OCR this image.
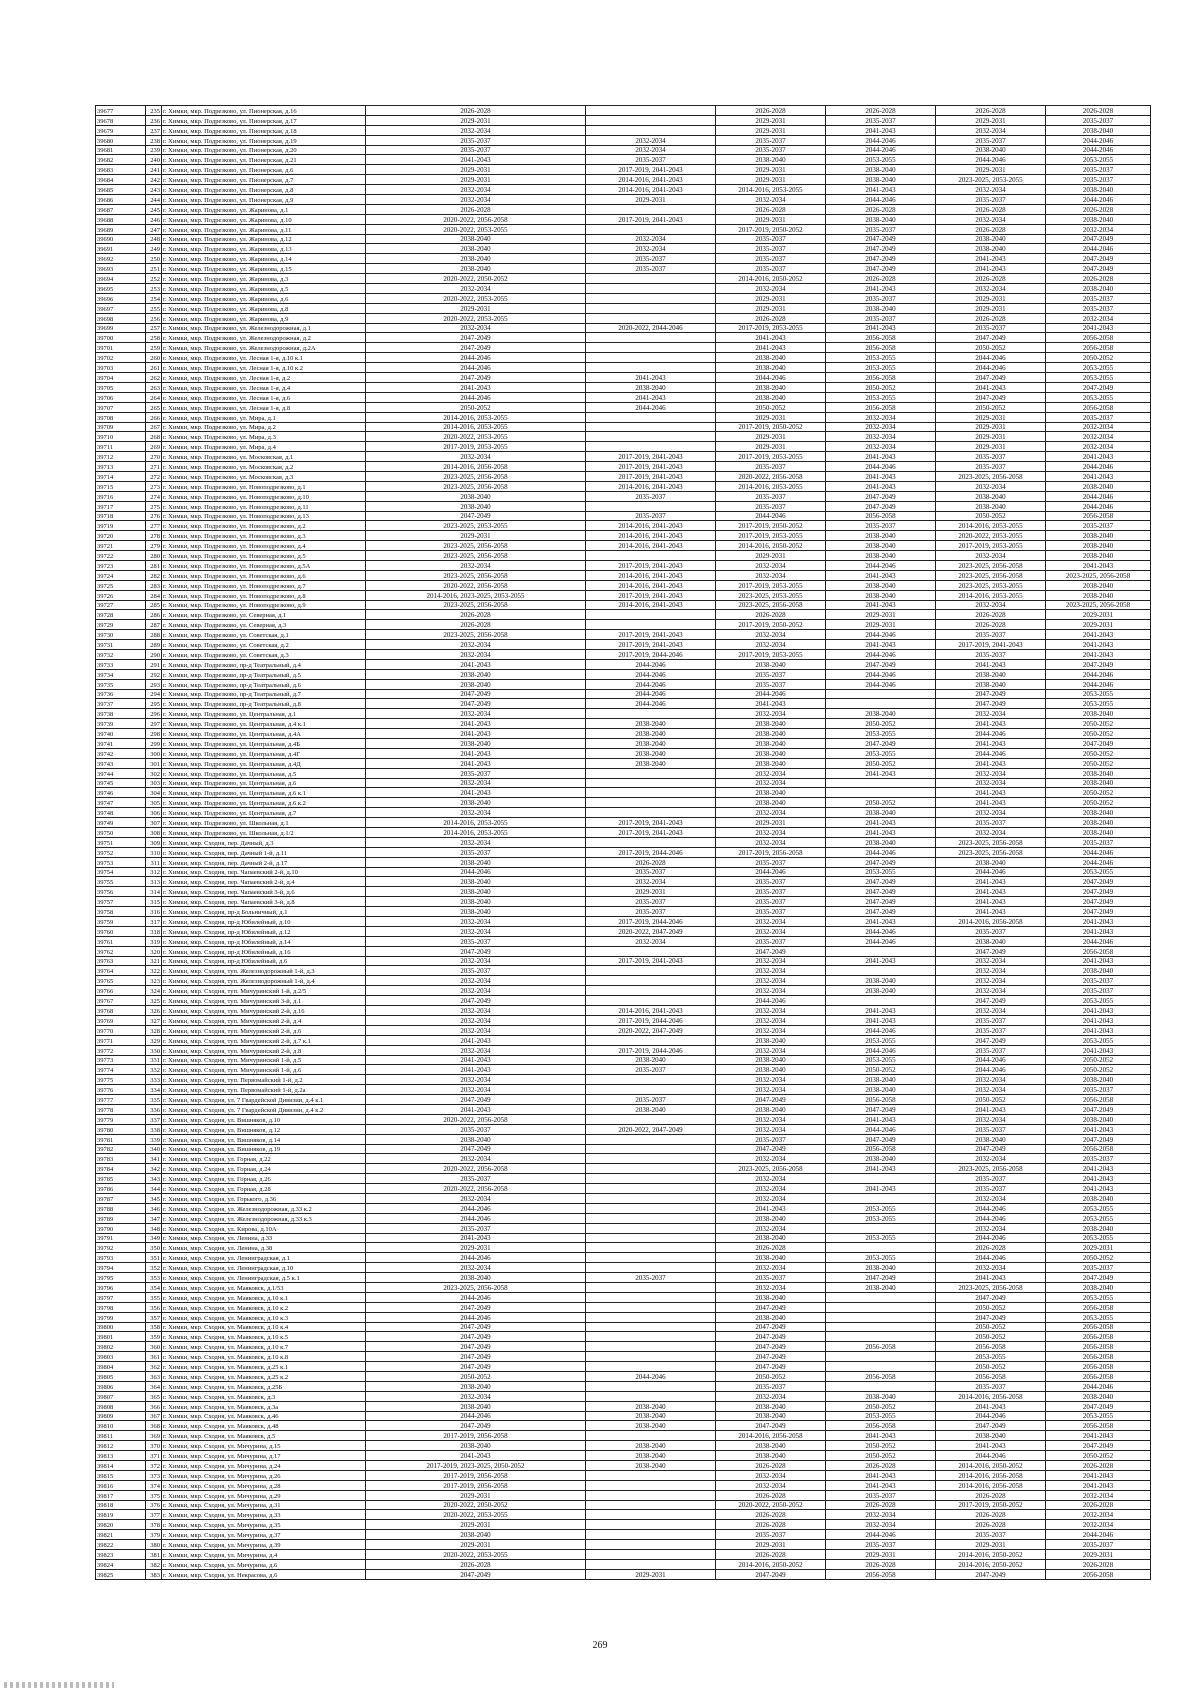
39677	235	г. Химки, мкр. Подрезково, ул. Пионерская, д.16	2026-2028		2026-2028	2026-2028	2026-2028	2026-2028
39678	236	г. Химки, мкр. Подрезково, ул. Пионерская, д.17	2029-2031		2029-2031	2035-2037	2029-2031	2035-2037
39679	237	г. Химки, мкр. Подрезково, ул. Пионерская, д.18	2032-2034		2029-2031	2041-2043	2032-2034	2038-2040
39680	238	г. Химки, мкр. Подрезково, ул. Пионерская, д.19	2035-2037	2032-2034	2035-2037	2044-2046	2035-2037	2044-2046
39681	239	г. Химки, мкр. Подрезково, ул. Пионерская, д.20	2035-2037	2032-2034	2035-2037	2044-2046	2038-2040	2044-2046
39682	240	г. Химки, мкр. Подрезково, ул. Пионерская, д.21	2041-2043	2035-2037	2038-2040	2053-2055	2044-2046	2053-2055
39683	241	г. Химки, мкр. Подрезково, ул. Пионерская, д.6	2029-2031	2017-2019, 2041-2043	2029-2031	2038-2040	2029-2031	2035-2037
39684	242	г. Химки, мкр. Подрезково, ул. Пионерская, д.7	2029-2031	2014-2016, 2041-2043	2029-2031	2038-2040	2023-2025, 2053-2055	2035-2037
39685	243	г. Химки, мкр. Подрезково, ул. Пионерская, д.8	2032-2034	2014-2016, 2041-2043	2014-2016, 2053-2055	2041-2043	2032-2034	2038-2040
39686	244	г. Химки, мкр. Подрезково, ул. Пионерская, д.9	2032-2034	2029-2031	2032-2034	2044-2046	2035-2037	2044-2046
39687	245	г. Химки, мкр. Подрезково, ул. Жаринова, д.1	2026-2028		2026-2028	2026-2028	2026-2028	2026-2028
39688	246	г. Химки, мкр. Подрезково, ул. Жаринова, д.10	2020-2022, 2056-2058	2017-2019, 2041-2043	2029-2031	2038-2040	2032-2034	2038-2040
39689	247	г. Химки, мкр. Подрезково, ул. Жаринова, д.11	2020-2022, 2053-2055		2017-2019, 2050-2052	2035-2037	2026-2028	2032-2034
39690	248	г. Химки, мкр. Подрезково, ул. Жаринова, д.12	2038-2040	2032-2034	2035-2037	2047-2049	2038-2040	2047-2049
39691	249	г. Химки, мкр. Подрезково, ул. Жаринова, д.13	2038-2040	2032-2034	2035-2037	2047-2049	2038-2040	2044-2046
39692	250	г. Химки, мкр. Подрезково, ул. Жаринова, д.14	2038-2040	2035-2037	2035-2037	2047-2049	2041-2043	2047-2049
39693	251	г. Химки, мкр. Подрезково, ул. Жаринова, д.15	2038-2040	2035-2037	2035-2037	2047-2049	2041-2043	2047-2049
39694	252	г. Химки, мкр. Подрезково, ул. Жаринова, д.3	2020-2022, 2050-2052		2014-2016, 2050-2052	2026-2028	2026-2028	2026-2028
39695	253	г. Химки, мкр. Подрезково, ул. Жаринова, д.5	2032-2034		2032-2034	2041-2043	2032-2034	2038-2040
39696	254	г. Химки, мкр. Подрезково, ул. Жаринова, д.6	2020-2022, 2053-2055		2029-2031	2035-2037	2029-2031	2035-2037
39697	255	г. Химки, мкр. Подрезково, ул. Жаринова, д.8	2029-2031		2029-2031	2038-2040	2029-2031	2035-2037
39698	256	г. Химки, мкр. Подрезково, ул. Жаринова, д.9	2020-2022, 2053-2055		2026-2028	2035-2037	2026-2028	2032-2034
39699	257	г. Химки, мкр. Подрезково, ул. Железнодорожная, д.1	2032-2034	2020-2022, 2044-2046	2017-2019, 2053-2055	2041-2043	2035-2037	2041-2043
39700	258	г. Химки, мкр. Подрезково, ул. Железнодорожная, д.2	2047-2049		2041-2043	2056-2058	2047-2049	2056-2058
39701	259	г. Химки, мкр. Подрезково, ул. Железнодорожная, д.2А	2047-2049		2041-2043	2056-2058	2050-2052	2056-2058
39702	260	г. Химки, мкр. Подрезково, ул. Лесная 1-я, д.10 к.1	2044-2046		2038-2040	2053-2055	2044-2046	2050-2052
39703	261	г. Химки, мкр. Подрезково, ул. Лесная 1-я, д.10 к.2	2044-2046		2038-2040	2053-2055	2044-2046	2053-2055
39704	262	г. Химки, мкр. Подрезково, ул. Лесная 1-я, д.2	2047-2049	2041-2043	2044-2046	2056-2058	2047-2049	2053-2055
39705	263	г. Химки, мкр. Подрезково, ул. Лесная 1-я, д.4	2041-2043	2038-2040	2038-2040	2050-2052	2041-2043	2047-2049
39706	264	г. Химки, мкр. Подрезково, ул. Лесная 1-я, д.6	2044-2046	2041-2043	2038-2040	2053-2055	2047-2049	2053-2055
39707	265	г. Химки, мкр. Подрезково, ул. Лесная 1-я, д.8	2050-2052	2044-2046	2050-2052	2056-2058	2050-2052	2056-2058
39708	266	г. Химки, мкр. Подрезково, ул. Мира, д.1	2014-2016, 2053-2055		2029-2031	2032-2034	2029-2031	2035-2037
39709	267	г. Химки, мкр. Подрезково, ул. Мира, д.2	2014-2016, 2053-2055		2017-2019, 2050-2052	2032-2034	2029-2031	2032-2034
39710	268	г. Химки, мкр. Подрезково, ул. Мира, д.3	2020-2022, 2053-2055		2029-2031	2032-2034	2029-2031	2032-2034
39711	269	г. Химки, мкр. Подрезково, ул. Мира, д.4	2017-2019, 2053-2055		2029-2031	2032-2034	2029-2031	2032-2034
39712	270	г. Химки, мкр. Подрезково, ул. Московская, д.1	2032-2034	2017-2019, 2041-2043	2017-2019, 2053-2055	2041-2043	2035-2037	2041-2043
39713	271	г. Химки, мкр. Подрезково, ул. Московская, д.2	2014-2016, 2056-2058	2017-2019, 2041-2043	2035-2037	2044-2046	2035-2037	2044-2046
39714	272	г. Химки, мкр. Подрезково, ул. Московская, д.3	2023-2025, 2056-2058	2017-2019, 2041-2043	2020-2022, 2056-2058	2041-2043	2023-2025, 2056-2058	2041-2043
39715	273	г. Химки, мкр. Подрезково, ул. Новоподрезково, д.1	2023-2025, 2056-2058	2014-2016, 2041-2043	2014-2016, 2053-2055	2041-2043	2032-2034	2038-2040
39716	274	г. Химки, мкр. Подрезково, ул. Новоподрезково, д.10	2038-2040	2035-2037	2035-2037	2047-2049	2038-2040	2044-2046
39717	275	г. Химки, мкр. Подрезково, ул. Новоподрезково, д.11	2038-2040		2035-2037	2047-2049	2038-2040	2044-2046
39718	276	г. Химки, мкр. Подрезково, ул. Новоподрезково, д.13	2047-2049	2035-2037	2044-2046	2056-2058	2050-2052	2056-2058
39719	277	г. Химки, мкр. Подрезково, ул. Новоподрезково, д.2	2023-2025, 2053-2055	2014-2016, 2041-2043	2017-2019, 2050-2052	2035-2037	2014-2016, 2053-2055	2035-2037
39720	278	г. Химки, мкр. Подрезково, ул. Новоподрезково, д.3	2029-2031	2014-2016, 2041-2043	2017-2019, 2053-2055	2038-2040	2020-2022, 2053-2055	2038-2040
39721	279	г. Химки, мкр. Подрезково, ул. Новоподрезково, д.4	2023-2025, 2056-2058	2014-2016, 2041-2043	2014-2016, 2050-2052	2038-2040	2017-2019, 2053-2055	2038-2040
39722	280	г. Химки, мкр. Подрезково, ул. Новоподрезково, д.5	2023-2025, 2056-2058		2029-2031	2038-2040	2032-2034	2038-2040
39723	281	г. Химки, мкр. Подрезково, ул. Новоподрезково, д.5А	2032-2034	2017-2019, 2041-2043	2032-2034	2044-2046	2023-2025, 2056-2058	2041-2043
39724	282	г. Химки, мкр. Подрезково, ул. Новоподрезково, д.6	2023-2025, 2056-2058	2014-2016, 2041-2043	2032-2034	2041-2043	2023-2025, 2056-2058	2023-2025, 2056-2058
39725	283	г. Химки, мкр. Подрезково, ул. Новоподрезково, д.7	2020-2022, 2056-2058	2014-2016, 2041-2043	2017-2019, 2053-2055	2038-2040	2023-2025, 2053-2055	2038-2040
39726	284	г. Химки, мкр. Подрезково, ул. Новоподрезково, д.8	2014-2016, 2023-2025, 2053-2055	2017-2019, 2041-2043	2023-2025, 2053-2055	2038-2040	2014-2016, 2053-2055	2038-2040
39727	285	г. Химки, мкр. Подрезково, ул. Новоподрезково, д.9	2023-2025, 2056-2058	2014-2016, 2041-2043	2023-2025, 2056-2058	2041-2043	2032-2034	2023-2025, 2056-2058
39728	286	г. Химки, мкр. Подрезково, ул. Северная, д.1	2026-2028		2026-2028	2029-2031	2026-2028	2029-2031
39729	287	г. Химки, мкр. Подрезково, ул. Северная, д.3	2026-2028		2017-2019, 2050-2052	2029-2031	2026-2028	2029-2031
39730	288	г. Химки, мкр. Подрезково, ул. Советская, д.1	2023-2025, 2056-2058	2017-2019, 2041-2043	2032-2034	2044-2046	2035-2037	2041-2043
39731	289	г. Химки, мкр. Подрезково, ул. Советская, д.2	2032-2034	2017-2019, 2041-2043	2032-2034	2041-2043	2017-2019, 2041-2043	2041-2043
39732	290	г. Химки, мкр. Подрезково, ул. Советская, д.3	2032-2034	2017-2019, 2044-2046	2017-2019, 2053-2055	2044-2046	2035-2037	2041-2043
39733	291	г. Химки, мкр. Подрезково, пр-д Театральный, д.4	2041-2043	2044-2046	2038-2040	2047-2049	2041-2043	2047-2049
39734	292	г. Химки, мкр. Подрезково, пр-д Театральный, д.5	2038-2040	2044-2046	2035-2037	2044-2046	2038-2040	2044-2046
39735	293	г. Химки, мкр. Подрезково, пр-д Театральный, д.6	2038-2040	2044-2046	2035-2037	2044-2046	2038-2040	2044-2046
39736	294	г. Химки, мкр. Подрезково, пр-д Театральный, д.7	2047-2049	2044-2046	2044-2046		2047-2049	2053-2055
39737	295	г. Химки, мкр. Подрезково, пр-д Театральный, д.8	2047-2049	2044-2046	2041-2043		2047-2049	2053-2055
39738	296	г. Химки, мкр. Подрезково, ул. Центральная, д.1	2032-2034		2032-2034	2038-2040	2032-2034	2038-2040
39739	297	г. Химки, мкр. Подрезково, ул. Центральная, д.4 к.1	2041-2043	2038-2040	2038-2040	2050-2052	2041-2043	2050-2052
39740	298	г. Химки, мкр. Подрезково, ул. Центральная, д.4А	2041-2043	2038-2040	2038-2040	2053-2055	2044-2046	2050-2052
39741	299	г. Химки, мкр. Подрезково, ул. Центральная, д.4Б	2038-2040	2038-2040	2038-2040	2047-2049	2041-2043	2047-2049
39742	300	г. Химки, мкр. Подрезково, ул. Центральная, д.4Г	2041-2043	2038-2040	2038-2040	2053-2055	2044-2046	2050-2052
39743	301	г. Химки, мкр. Подрезково, ул. Центральная, д.4Д	2041-2043	2038-2040	2038-2040	2050-2052	2041-2043	2050-2052
39744	302	г. Химки, мкр. Подрезково, ул. Центральная, д.5	2035-2037		2032-2034	2041-2043	2032-2034	2038-2040
39745	303	г. Химки, мкр. Подрезково, ул. Центральная, д.6	2032-2034		2032-2034		2032-2034	2038-2040
39746	304	г. Химки, мкр. Подрезково, ул. Центральная, д.6 к.1	2041-2043		2038-2040		2041-2043	2050-2052
39747	305	г. Химки, мкр. Подрезково, ул. Центральная, д.6 к.2	2038-2040		2038-2040	2050-2052	2041-2043	2050-2052
39748	306	г. Химки, мкр. Подрезково, ул. Центральная, д.7	2032-2034		2032-2034	2038-2040	2032-2034	2038-2040
39749	307	г. Химки, мкр. Подрезково, ул. Школьная, д.1	2014-2016, 2053-2055	2017-2019, 2041-2043	2029-2031	2041-2043	2035-2037	2038-2040
39750	308	г. Химки, мкр. Подрезково, ул. Школьная, д.1/2	2014-2016, 2053-2055	2017-2019, 2041-2043	2032-2034	2041-2043	2032-2034	2038-2040
39751	309	г. Химки, мкр. Сходня, пер. Дачный, д.3	2032-2034		2032-2034	2038-2040	2023-2025, 2056-2058	2035-2037
39752	310	г. Химки, мкр. Сходня, пер. Дачный 1-й, д.11	2035-2037	2017-2019, 2044-2046	2017-2019, 2056-2058	2044-2046	2023-2025, 2056-2058	2044-2046
39753	311	г. Химки, мкр. Сходня, пер. Дачный 2-й, д.17	2038-2040	2026-2028	2035-2037	2047-2049	2038-2040	2044-2046
39754	312	г. Химки, мкр. Сходня, пер. Чапаевский 2-й, д.10	2044-2046	2035-2037	2044-2046	2053-2055	2044-2046	2053-2055
39755	313	г. Химки, мкр. Сходня, пер. Чапаевский 2-й, д.4	2038-2040	2032-2034	2035-2037	2047-2049	2041-2043	2047-2049
39756	314	г. Химки, мкр. Сходня, пер. Чапаевский 3-й, д.6	2038-2040	2029-2031	2035-2037	2047-2049	2041-2043	2047-2049
39757	315	г. Химки, мкр. Сходня, пер. Чапаевский 3-й, д.8	2038-2040	2035-2037	2035-2037	2047-2049	2041-2043	2047-2049
39758	316	г. Химки, мкр. Сходня, пр-д Больничный, д.1	2038-2040	2035-2037	2035-2037	2047-2049	2041-2043	2047-2049
39759	317	г. Химки, мкр. Сходня, пр-д Юбилейный, д.10	2032-2034	2017-2019, 2044-2046	2032-2034	2041-2043	2014-2016, 2056-2058	2041-2043
39760	318	г. Химки, мкр. Сходня, пр-д Юбилейный, д.12	2032-2034	2020-2022, 2047-2049	2032-2034	2044-2046	2035-2037	2041-2043
39761	319	г. Химки, мкр. Сходня, пр-д Юбилейный, д.14	2035-2037	2032-2034	2035-2037	2044-2046	2038-2040	2044-2046
39762	320	г. Химки, мкр. Сходня, пр-д Юбилейный, д.16	2047-2049		2047-2049		2047-2049	2056-2058
39763	321	г. Химки, мкр. Сходня, пр-д Юбилейный, д.6	2032-2034	2017-2019, 2041-2043	2032-2034	2041-2043	2032-2034	2041-2043
39764	322	г. Химки, мкр. Сходня, туп. Железнодорожный 1-й, д.3	2035-2037		2032-2034		2032-2034	2038-2040
39765	323	г. Химки, мкр. Сходня, туп. Железнодорожный 1-й, д.4	2032-2034		2032-2034	2038-2040	2032-2034	2035-2037
39766	324	г. Химки, мкр. Сходня, туп. Мичуринский 1-й, д.2/5	2032-2034		2032-2034	2038-2040	2032-2034	2035-2037
39767	325	г. Химки, мкр. Сходня, туп. Мичуринский 3-й, д.1	2047-2049		2044-2046		2047-2049	2053-2055
39768	326	г. Химки, мкр. Сходня, туп. Мичуринский 2-й, д.16	2032-2034	2014-2016, 2041-2043	2032-2034	2041-2043	2032-2034	2041-2043
39769	327	г. Химки, мкр. Сходня, туп. Мичуринский 2-й, д.4	2032-2034	2017-2019, 2044-2046	2032-2034	2041-2043	2035-2037	2041-2043
39770	328	г. Химки, мкр. Сходня, туп. Мичуринский 2-й, д.6	2032-2034	2020-2022, 2047-2049	2032-2034	2044-2046	2035-2037	2041-2043
39771	329	г. Химки, мкр. Сходня, туп. Мичуринский 2-й, д.7 к.1	2041-2043		2038-2040	2053-2055	2047-2049	2053-2055
39772	330	г. Химки, мкр. Сходня, туп. Мичуринский 2-й, д.8	2032-2034	2017-2019, 2044-2046	2032-2034	2044-2046	2035-2037	2041-2043
39773	331	г. Химки, мкр. Сходня, туп. Мичуринский 1-й, д.5	2041-2043	2038-2040	2038-2040	2053-2055	2044-2046	2050-2052
39774	332	г. Химки, мкр. Сходня, туп. Мичуринский 1-й, д.6	2041-2043	2035-2037	2038-2040	2050-2052	2044-2046	2050-2052
39775	333	г. Химки, мкр. Сходня, туп. Первомайский 1-й, д.2	2032-2034		2032-2034	2038-2040	2032-2034	2038-2040
39776	334	г. Химки, мкр. Сходня, туп. Первомайский 1-й, д.2а	2032-2034		2032-2034	2038-2040	2032-2034	2035-2037
39777	335	г. Химки, мкр. Сходня, ул. 7 Гвардейской Дивизии, д.4 к.1	2047-2049	2035-2037	2047-2049	2056-2058	2050-2052	2056-2058
39778	336	г. Химки, мкр. Сходня, ул. 7 Гвардейской Дивизии, д.4 к.2	2041-2043	2038-2040	2038-2040	2047-2049	2041-2043	2047-2049
39779	337	г. Химки, мкр. Сходня, ул. Вишняков, д.10	2020-2022, 2056-2058		2032-2034	2041-2043	2032-2034	2038-2040
39780	338	г. Химки, мкр. Сходня, ул. Вишняков, д.12	2035-2037	2020-2022, 2047-2049	2032-2034	2044-2046	2035-2037	2041-2043
39781	339	г. Химки, мкр. Сходня, ул. Вишняков, д.14	2038-2040		2035-2037	2047-2049	2038-2040	2047-2049
39782	340	г. Химки, мкр. Сходня, ул. Вишняков, д.19	2047-2049		2047-2049	2056-2058	2047-2049	2056-2058
39783	341	г. Химки, мкр. Сходня, ул. Горная, д.22	2032-2034		2032-2034	2038-2040	2032-2034	2035-2037
39784	342	г. Химки, мкр. Сходня, ул. Горная, д.24	2020-2022, 2056-2058		2023-2025, 2056-2058	2041-2043	2023-2025, 2056-2058	2041-2043
39785	343	г. Химки, мкр. Сходня, ул. Горная, д.26	2035-2037		2032-2034		2035-2037	2041-2043
39786	344	г. Химки, мкр. Сходня, ул. Горная, д.28	2020-2022, 2056-2058		2032-2034	2041-2043	2035-2037	2041-2043
39787	345	г. Химки, мкр. Сходня, ул. Горького, д.36	2032-2034		2032-2034		2032-2034	2038-2040
39788	346	г. Химки, мкр. Сходня, ул. Железнодорожная, д.33 к.2	2044-2046		2041-2043	2053-2055	2044-2046	2053-2055
39789	347	г. Химки, мкр. Сходня, ул. Железнодорожная, д.33 к.3	2044-2046		2038-2040	2053-2055	2044-2046	2053-2055
39790	348	г. Химки, мкр. Сходня, ул. Кирова, д.10А	2035-2037		2032-2034		2032-2034	2038-2040
39791	349	г. Химки, мкр. Сходня, ул. Ленина, д.33	2041-2043		2038-2040	2053-2055	2044-2046	2053-2055
39792	350	г. Химки, мкр. Сходня, ул. Ленина, д.38	2029-2031		2026-2028		2026-2028	2029-2031
39793	351	г. Химки, мкр. Сходня, ул. Ленинградская, д.1	2044-2046		2038-2040	2053-2055	2044-2046	2050-2052
39794	352	г. Химки, мкр. Сходня, ул. Ленинградская, д.10	2032-2034		2032-2034	2038-2040	2032-2034	2035-2037
39795	353	г. Химки, мкр. Сходня, ул. Ленинградская, д.5 к.1	2038-2040	2035-2037	2035-2037	2047-2049	2041-2043	2047-2049
39796	354	г. Химки, мкр. Сходня, ул. Маяковск, д.1/53	2023-2025, 2056-2058		2032-2034	2038-2040	2023-2025, 2056-2058	2038-2040
39797	355	г. Химки, мкр. Сходня, ул. Маяковск, д.10 к.1	2044-2046		2038-2040		2047-2049	2053-2055
39798	356	г. Химки, мкр. Сходня, ул. Маяковск, д.10 к.2	2047-2049		2047-2049		2050-2052	2056-2058
39799	357	г. Химки, мкр. Сходня, ул. Маяковск, д.10 к.3	2044-2046		2038-2040		2047-2049	2053-2055
39800	358	г. Химки, мкр. Сходня, ул. Маяковск, д.10 к.4	2047-2049		2047-2049		2050-2052	2056-2058
39801	359	г. Химки, мкр. Сходня, ул. Маяковск, д.10 к.5	2047-2049		2047-2049		2050-2052	2056-2058
39802	360	г. Химки, мкр. Сходня, ул. Маяковск, д.10 к.7	2047-2049		2047-2049	2056-2058	2056-2058	2056-2058
39803	361	г. Химки, мкр. Сходня, ул. Маяковск, д.10 к.8	2047-2049		2047-2049		2053-2055	2056-2058
39804	362	г. Химки, мкр. Сходня, ул. Маяковск, д.25 к.1	2047-2049		2047-2049		2050-2052	2056-2058
39805	363	г. Химки, мкр. Сходня, ул. Маяковск, д.25 к.2	2050-2052	2044-2046	2050-2052	2056-2058	2056-2058	2056-2058
39806	364	г. Химки, мкр. Сходня, ул. Маяковск, д.25Б	2038-2040		2035-2037		2035-2037	2044-2046
39807	365	г. Химки, мкр. Сходня, ул. Маяковск, д.3	2032-2034		2032-2034	2038-2040	2014-2016, 2056-2058	2038-2040
39808	366	г. Химки, мкр. Сходня, ул. Маяковск, д.3а	2038-2040	2038-2040	2038-2040	2050-2052	2041-2043	2047-2049
39809	367	г. Химки, мкр. Сходня, ул. Маяковск, д.46	2044-2046	2038-2040	2038-2040	2053-2055	2044-2046	2053-2055
39810	368	г. Химки, мкр. Сходня, ул. Маяковск, д.48	2047-2049	2038-2040	2047-2049	2056-2058	2047-2049	2056-2058
39811	369	г. Химки, мкр. Сходня, ул. Маяковск, д.5	2017-2019, 2056-2058		2014-2016, 2056-2058	2041-2043	2038-2040	2041-2043
39812	370	г. Химки, мкр. Сходня, ул. Мичурина, д.15	2038-2040	2038-2040	2038-2040	2050-2052	2041-2043	2047-2049
39813	371	г. Химки, мкр. Сходня, ул. Мичурина, д.17	2041-2043	2038-2040	2038-2040	2050-2052	2044-2046	2050-2052
39814	372	г. Химки, мкр. Сходня, ул. Мичурина, д.24	2017-2019, 2023-2025, 2050-2052	2038-2040	2026-2028	2026-2028	2014-2016, 2050-2052	2026-2028
39815	373	г. Химки, мкр. Сходня, ул. Мичурина, д.26	2017-2019, 2056-2058		2032-2034	2041-2043	2014-2016, 2056-2058	2041-2043
39816	374	г. Химки, мкр. Сходня, ул. Мичурина, д.28	2017-2019, 2056-2058		2032-2034	2041-2043	2014-2016, 2056-2058	2041-2043
39817	375	г. Химки, мкр. Сходня, ул. Мичурина, д.29	2029-2031		2026-2028	2035-2037	2026-2028	2032-2034
39818	376	г. Химки, мкр. Сходня, ул. Мичурина, д.31	2020-2022, 2050-2052		2020-2022, 2050-2052	2026-2028	2017-2019, 2050-2052	2026-2028
39819	377	г. Химки, мкр. Сходня, ул. Мичурина, д.33	2020-2022, 2053-2055		2026-2028	2032-2034	2026-2028	2032-2034
39820	378	г. Химки, мкр. Сходня, ул. Мичурина, д.35	2029-2031		2026-2028	2032-2034	2026-2028	2032-2034
39821	379	г. Химки, мкр. Сходня, ул. Мичурина, д.37	2038-2040		2035-2037	2044-2046	2035-2037	2044-2046
39822	380	г. Химки, мкр. Сходня, ул. Мичурина, д.39	2029-2031		2029-2031	2035-2037	2029-2031	2035-2037
39823	381	г. Химки, мкр. Сходня, ул. Мичурина, д.4	2020-2022, 2053-2055		2026-2028	2029-2031	2014-2016, 2050-2052	2029-2031
39824	382	г. Химки, мкр. Сходня, ул. Мичурина, д.6	2026-2028		2014-2016, 2050-2052	2026-2028	2014-2016, 2050-2052	2026-2028
39825	383	г. Химки, мкр. Сходня, ул. Некрасова, д.6	2047-2049	2029-2031	2047-2049	2056-2058	2047-2049	2056-2058
269
